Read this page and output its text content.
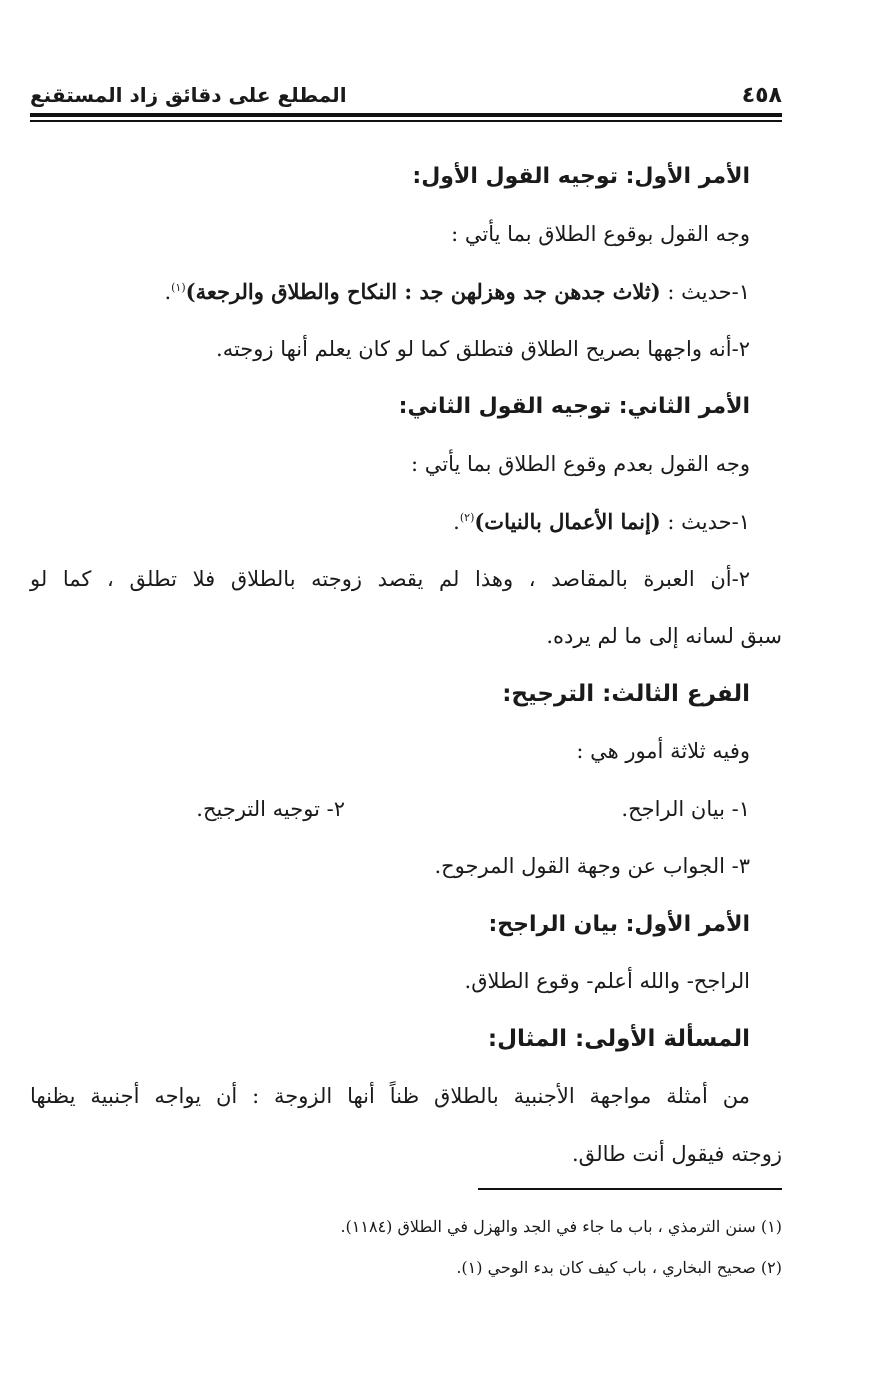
٤٥٨
المطلع على دقائق زاد المستقنع
الأمر الأول: توجيه القول الأول:
وجه القول بوقوع الطلاق بما يأتي :
١-حديث : (ثلاث جدهن جد وهزلهن جد : النكاح والطلاق والرجعة)$^{(١)}$.
٢-أنه واجهها بصريح الطلاق فتطلق كما لو كان يعلم أنها زوجته.
الأمر الثاني: توجيه القول الثاني:
وجه القول بعدم وقوع الطلاق بما يأتي :
١-حديث : (إنما الأعمال بالنيات)$^{(٢)}$.
٢-أن العبرة بالمقاصد ، وهذا لم يقصد زوجته بالطلاق فلا تطلق ، كما لو
سبق لسانه إلى ما لم يرده.
الفرع الثالث: الترجيح:
وفيه ثلاثة أمور هي :
١- بيان الراجح.
٢- توجيه الترجيح.
٣- الجواب عن وجهة القول المرجوح.
الأمر الأول: بيان الراجح:
الراجح- والله أعلم- وقوع الطلاق.
المسألة الأولى: المثال:
من أمثلة مواجهة الأجنبية بالطلاق ظناً أنها الزوجة : أن يواجه أجنبية يظنها
زوجته فيقول أنت طالق.
(١) سنن الترمذي ، باب ما جاء في الجد والهزل في الطلاق (١١٨٤).
(٢) صحيح البخاري ، باب كيف كان بدء الوحي (١).
